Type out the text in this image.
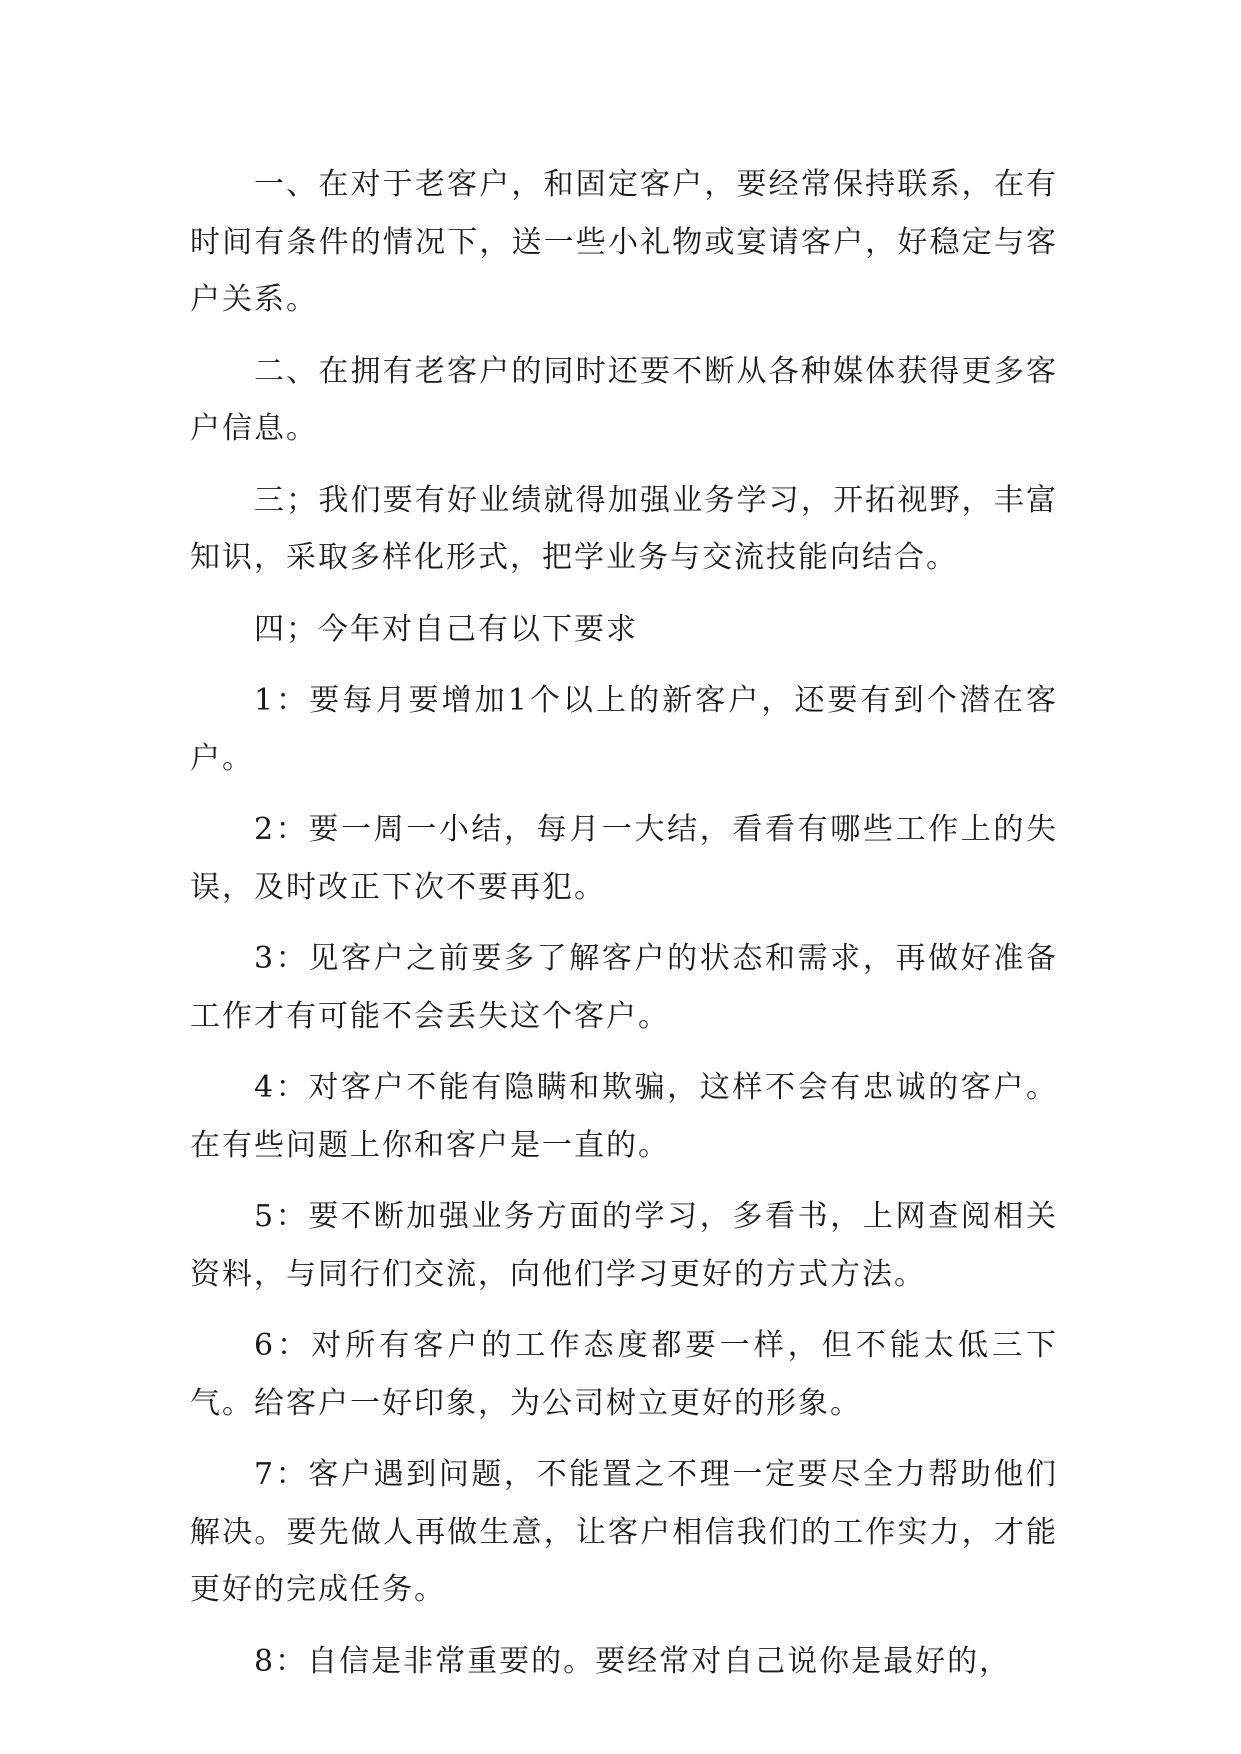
一、在对于老客户，和固定客户，要经常保持联系，在有时间有条件的情况下，送一些小礼物或宴请客户，好稳定与客户关系。

二、在拥有老客户的同时还要不断从各种媒体获得更多客户信息。

三；我们要有好业绩就得加强业务学习，开拓视野，丰富知识，采取多样化形式，把学业务与交流技能向结合。

四；今年对自己有以下要求

1：要每月要增加1个以上的新客户，还要有到个潜在客户。

2：要一周一小结，每月一大结，看看有哪些工作上的失误，及时改正下次不要再犯。

3：见客户之前要多了解客户的状态和需求，再做好准备工作才有可能不会丢失这个客户。

4：对客户不能有隐瞒和欺骗，这样不会有忠诚的客户。在有些问题上你和客户是一直的。

5：要不断加强业务方面的学习，多看书，上网查阅相关资料，与同行们交流，向他们学习更好的方式方法。

6：对所有客户的工作态度都要一样，但不能太低三下气。给客户一好印象，为公司树立更好的形象。

7：客户遇到问题，不能置之不理一定要尽全力帮助他们解决。要先做人再做生意，让客户相信我们的工作实力，才能更好的完成任务。

8：自信是非常重要的。要经常对自己说你是最好的，
